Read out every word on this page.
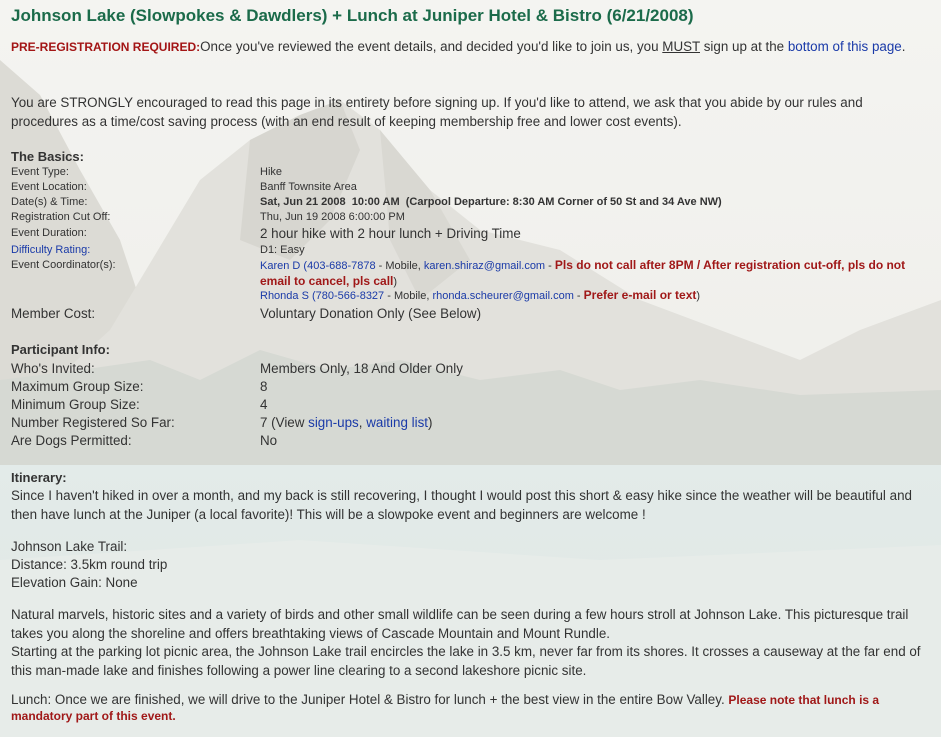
Johnson Lake (Slowpokes & Dawdlers) + Lunch at Juniper Hotel & Bistro (6/21/2008)

PRE-REGISTRATION REQUIRED:Once you've reviewed the event details, and decided you'd like to join us, you MUST sign up at the bottom of this page.

You are STRONGLY encouraged to read this page in its entirety before signing up. If you'd like to attend, we ask that you abide by our rules and procedures as a time/cost saving process (with an end result of keeping membership free and lower cost events).

The Basics:
Event Type:	Hike
Event Location:	Banff Townsite Area
Date(s) & Time:	Sat, Jun 21 2008  10:00 AM  (Carpool Departure: 8:30 AM Corner of 50 St and 34 Ave NW)
Registration Cut Off:	Thu, Jun 19 2008 6:00:00 PM
Event Duration:	2 hour hike with 2 hour lunch + Driving Time
Difficulty Rating:	D1: Easy
Event Coordinator(s):	Karen D (403-688-7878 - Mobile, karen.shiraz@gmail.com - Pls do not call after 8PM / After registration cut-off, pls do not email to cancel, pls call)
Rhonda S (780-566-8327 - Mobile, rhonda.scheurer@gmail.com - Prefer e-mail or text)
Member Cost:	Voluntary Donation Only (See Below)
Participant Info:
Who's Invited:	Members Only, 18 And Older Only
Maximum Group Size:	8
Minimum Group Size:	4
Number Registered So Far:	7 (View sign-ups, waiting list)
Are Dogs Permitted:	No
Itinerary:

Since I haven't hiked in over a month, and my back is still recovering, I thought I would post this short & easy hike since the weather will be beautiful and then have lunch at the Juniper (a local favorite)! This will be a slowpoke event and beginners are welcome !

Johnson Lake Trail:

Distance: 3.5km round trip

Elevation Gain: None

Natural marvels, historic sites and a variety of birds and other small wildlife can be seen during a few hours stroll at Johnson Lake. This picturesque trail takes you along the shoreline and offers breathtaking views of Cascade Mountain and Mount Rundle.

Starting at the parking lot picnic area, the Johnson Lake trail encircles the lake in 3.5 km, never far from its shores. It crosses a causeway at the far end of this man-made lake and finishes following a power line clearing to a second lakeshore picnic site.

Lunch: Once we are finished, we will drive to the Juniper Hotel & Bistro for lunch + the best view in the entire Bow Valley. Please note that lunch is a mandatory part of this event.
